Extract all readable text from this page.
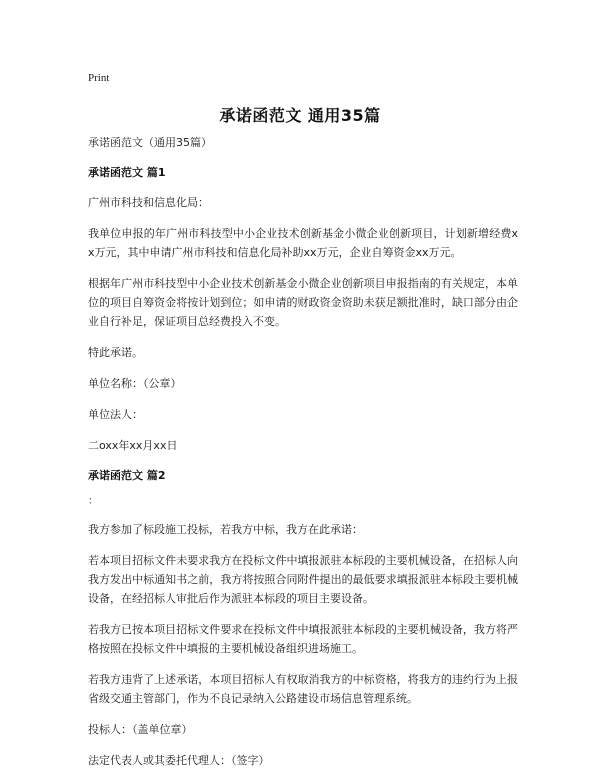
Print
承诺函范文 通用35篇
承诺函范文（通用35篇）
承诺函范文 篇1
广州市科技和信息化局：
我单位申报的年广州市科技型中小企业技术创新基金小微企业创新项目，计划新增经费xx万元，其中申请广州市科技和信息化局补助xx万元，企业自筹资金xx万元。
根据年广州市科技型中小企业技术创新基金小微企业创新项目申报指南的有关规定，本单位的项目自筹资金将按计划到位；如申请的财政资金资助未获足额批准时，缺口部分由企业自行补足，保证项目总经费投入不变。
特此承诺。
单位名称：（公章）
单位法人：
二oxx年xx月xx日
承诺函范文 篇2
：
我方参加了标段施工投标，若我方中标，我方在此承诺：
若本项目招标文件未要求我方在投标文件中填报派驻本标段的主要机械设备，在招标人向我方发出中标通知书之前，我方将按照合同附件提出的最低要求填报派驻本标段主要机械设备，在经招标人审批后作为派驻本标段的项目主要设备。
若我方已按本项目招标文件要求在投标文件中填报派驻本标段的主要机械设备，我方将严格按照在投标文件中填报的主要机械设备组织进场施工。
若我方违背了上述承诺，本项目招标人有权取消我方的中标资格，将我方的违约行为上报省级交通主管部门，作为不良记录纳入公路建设市场信息管理系统。
投标人：（盖单位章）
法定代表人或其委托代理人：（签字）
